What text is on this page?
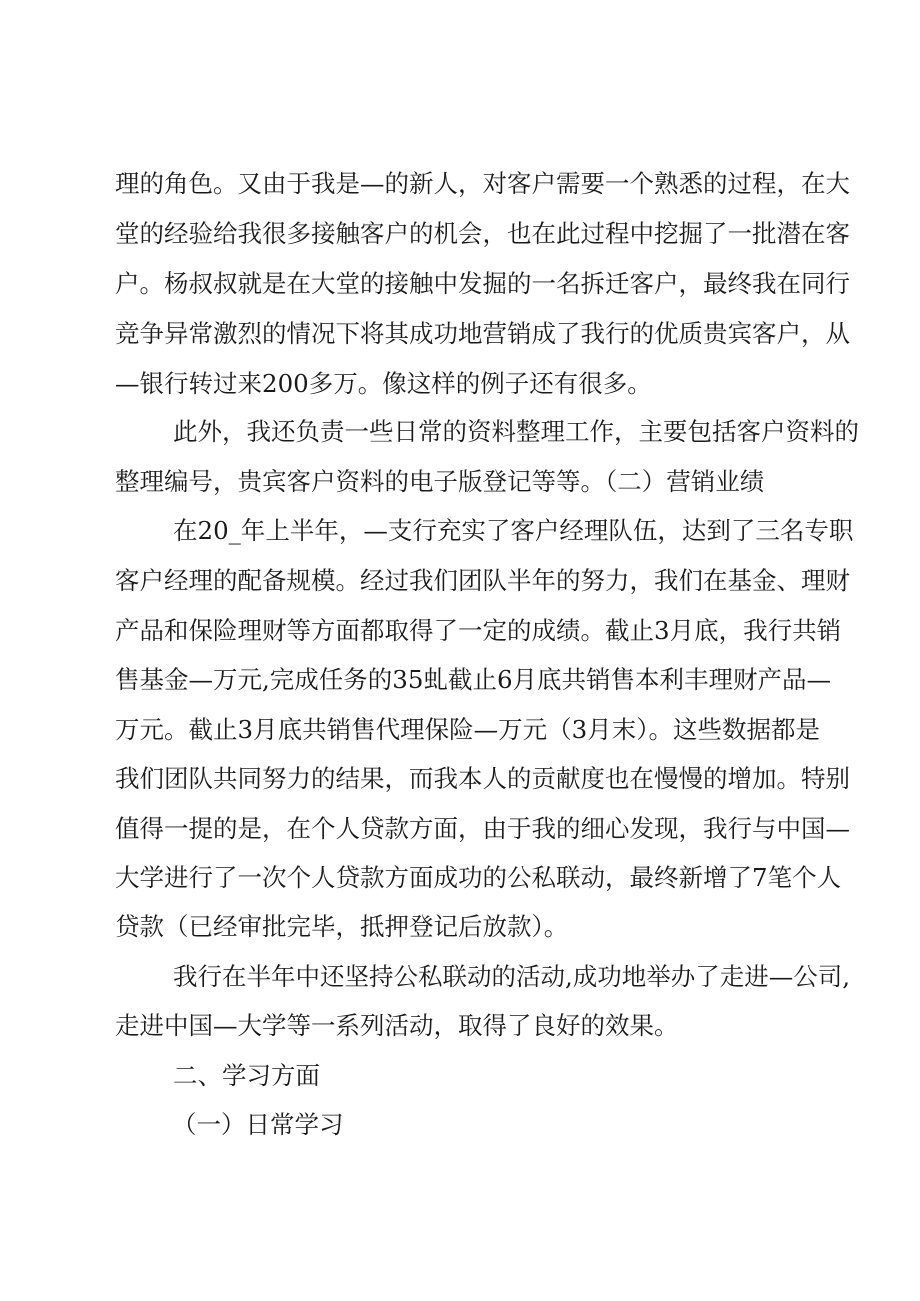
理的角色。又由于我是—的新人，对客户需要一个熟悉的过程，在大
堂的经验给我很多接触客户的机会，也在此过程中挖掘了一批潜在客
户。杨叔叔就是在大堂的接触中发掘的一名拆迁客户，最终我在同行
竞争异常激烈的情况下将其成功地营销成了我行的优质贵宾客户，从
—银行转过来200多万。像这样的例子还有很多。
此外，我还负责一些日常的资料整理工作，主要包括客户资料的
整理编号，贵宾客户资料的电子版登记等等。（二）营销业绩
在20_年上半年，—支行充实了客户经理队伍，达到了三名专职
客户经理的配备规模。经过我们团队半年的努力，我们在基金、理财
产品和保险理财等方面都取得了一定的成绩。截止3月底，我行共销
售基金—万元,完成任务的35虬截止6月底共销售本利丰理财产品—
万元。截止3月底共销售代理保险—万元（3月末）。这些数据都是
我们团队共同努力的结果，而我本人的贡献度也在慢慢的增加。特别
值得一提的是，在个人贷款方面，由于我的细心发现，我行与中国—
大学进行了一次个人贷款方面成功的公私联动，最终新增了7笔个人
贷款（已经审批完毕，抵押登记后放款）。
我行在半年中还坚持公私联动的活动,成功地举办了走进—公司,
走进中国—大学等一系列活动，取得了良好的效果。
二、学习方面
（一）日常学习
